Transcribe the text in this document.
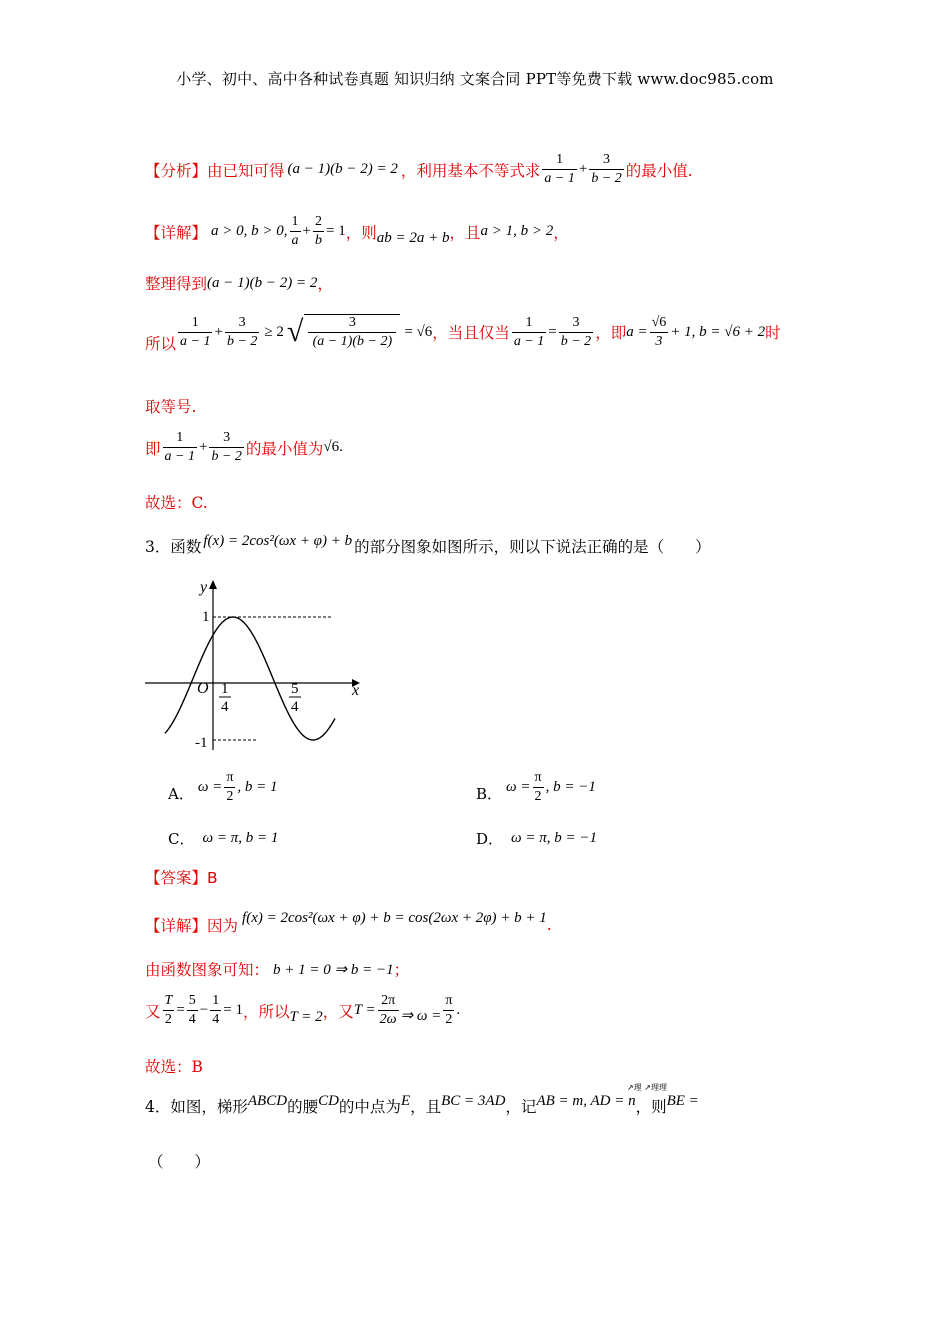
小学、初中、高中各种试卷真题 知识归纳 文案合同 PPT等免费下载 www.doc985.com
【分析】 由已知可得 (a − 1)(b − 2) = 2 ，利用基本不等式求 $\frac{1}{a - 1} + \frac{3}{b - 2}$ 的最小值.
【详解】 a > 0, b > 0, $\frac{1}{a} + \frac{2}{b} = 1$ ，则 ab = 2a + b ，且 a > 1, b > 2 ，
整理得到 (a − 1)(b − 2) = 2 ，
所以 $\frac{1}{a - 1} + \frac{3}{b - 2} \ge 2$ √ $\frac{3}{(a - 1)(b - 2)} = √6$ ，当且仅当 $\frac{1}{a - 1} = \frac{3}{b - 2}$ ，即 $a = \frac{√6}{3} + 1$, b = √6 + 2 时
取等号.
即 $\frac{1}{a - 1} + \frac{3}{b - 2}$ 的最小值为 √6 .
故选：C.
3． 函数 f(x) = 2cos²(ωx + φ) + b 的部分图象如图所示，则以下说法正确的是（　　）
y
x
O
1
-1
1
4
5
4
A． $\omega = \frac{\pi}{2}$ , b = 1	B． $\omega = \frac{\pi}{2}$ , b = −1
C． ω = π, b = 1	D． ω = π, b = −1
【答案】B
【详解】 因为 f(x) = 2cos²(ωx + φ) + b = cos(2ωx + 2φ) + b + 1 .
由函数图象可知： b + 1 = 0 ⇒ b = −1 ；
又 $\frac{T}{2} = \frac{5}{4} - \frac{1}{4} = 1$ ，所以 T = 2 ，又 $T = \frac{2\pi}{2\omega}$ ⇒ $\omega = \frac{\pi}{2}$ .
故选：B
↗理 ↗理理
4． 如图，梯形 ABCD 的腰 CD 的中点为 E ，且 BC = 3AD ，记 AB = m, AD = n ，则 BE =
（　　）
